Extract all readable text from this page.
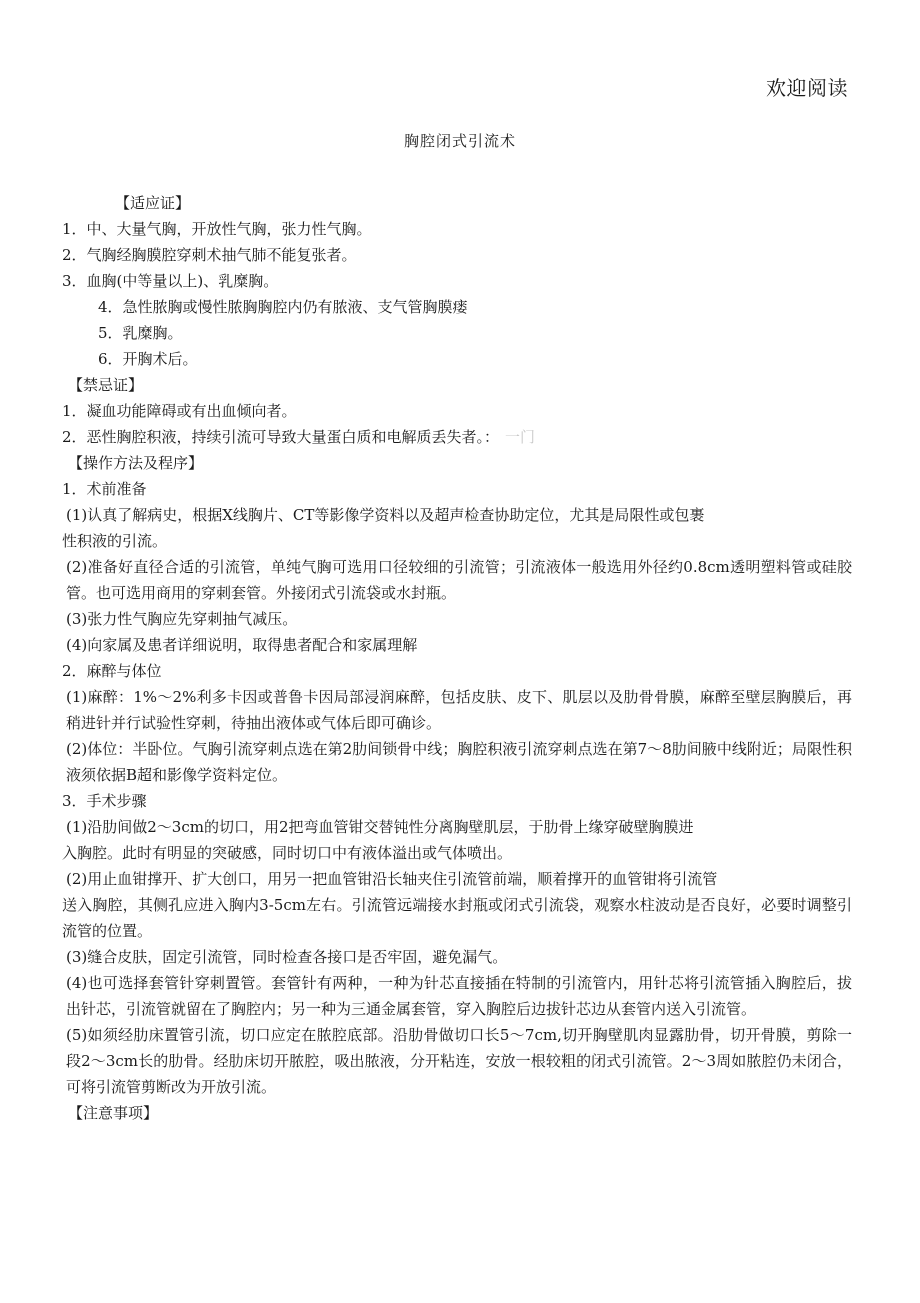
欢迎阅读
胸腔闭式引流术
【适应证】
1．中、大量气胸，开放性气胸，张力性气胸。
2．气胸经胸膜腔穿刺术抽气肺不能复张者。
3．血胸(中等量以上)、乳糜胸。
4．急性脓胸或慢性脓胸胸腔内仍有脓液、支气管胸膜瘘
5．乳糜胸。
6．开胸术后。
【禁忌证】
1．凝血功能障碍或有出血倾向者。
2．恶性胸腔积液，持续引流可导致大量蛋白质和电解质丢失者。： 一门
【操作方法及程序】
1．术前准备
(1)认真了解病史，根据X线胸片、CT等影像学资料以及超声检查协助定位，尤其是局限性或包裹
性积液的引流。
(2)准备好直径合适的引流管，单纯气胸可选用口径较细的引流管；引流液体一般选用外径约0.8cm透明塑料管或硅胶管。也可选用商用的穿刺套管。外接闭式引流袋或水封瓶。
(3)张力性气胸应先穿刺抽气减压。
(4)向家属及患者详细说明，取得患者配合和家属理解
2．麻醉与体位
(1)麻醉：1%～2%利多卡因或普鲁卡因局部浸润麻醉，包括皮肤、皮下、肌层以及肋骨骨膜，麻醉至壁层胸膜后，再稍进针并行试验性穿刺，待抽出液体或气体后即可确诊。
(2)体位：半卧位。气胸引流穿刺点选在第2肋间锁骨中线；胸腔积液引流穿刺点选在第7～8肋间腋中线附近；局限性积液须依据B超和影像学资料定位。
3．手术步骤
(1)沿肋间做2～3cm的切口，用2把弯血管钳交替钝性分离胸壁肌层，于肋骨上缘穿破壁胸膜进
入胸腔。此时有明显的突破感，同时切口中有液体溢出或气体喷出。
(2)用止血钳撑开、扩大创口，用另一把血管钳沿长轴夹住引流管前端，顺着撑开的血管钳将引流管
送入胸腔，其侧孔应进入胸内3-5cm左右。引流管远端接水封瓶或闭式引流袋，观察水柱波动是否良好，必要时调整引流管的位置。
(3)缝合皮肤，固定引流管，同时检查各接口是否牢固，避免漏气。
(4)也可选择套管针穿刺置管。套管针有两种，一种为针芯直接插在特制的引流管内，用针芯将引流管插入胸腔后，拔出针芯，引流管就留在了胸腔内；另一种为三通金属套管，穿入胸腔后边拔针芯边从套管内送入引流管。
(5)如须经肋床置管引流，切口应定在脓腔底部。沿肋骨做切口长5～7cm,切开胸壁肌肉显露肋骨，切开骨膜，剪除一段2～3cm长的肋骨。经肋床切开脓腔，吸出脓液，分开粘连，安放一根较粗的闭式引流管。2～3周如脓腔仍未闭合，可将引流管剪断改为开放引流。
【注意事项】
